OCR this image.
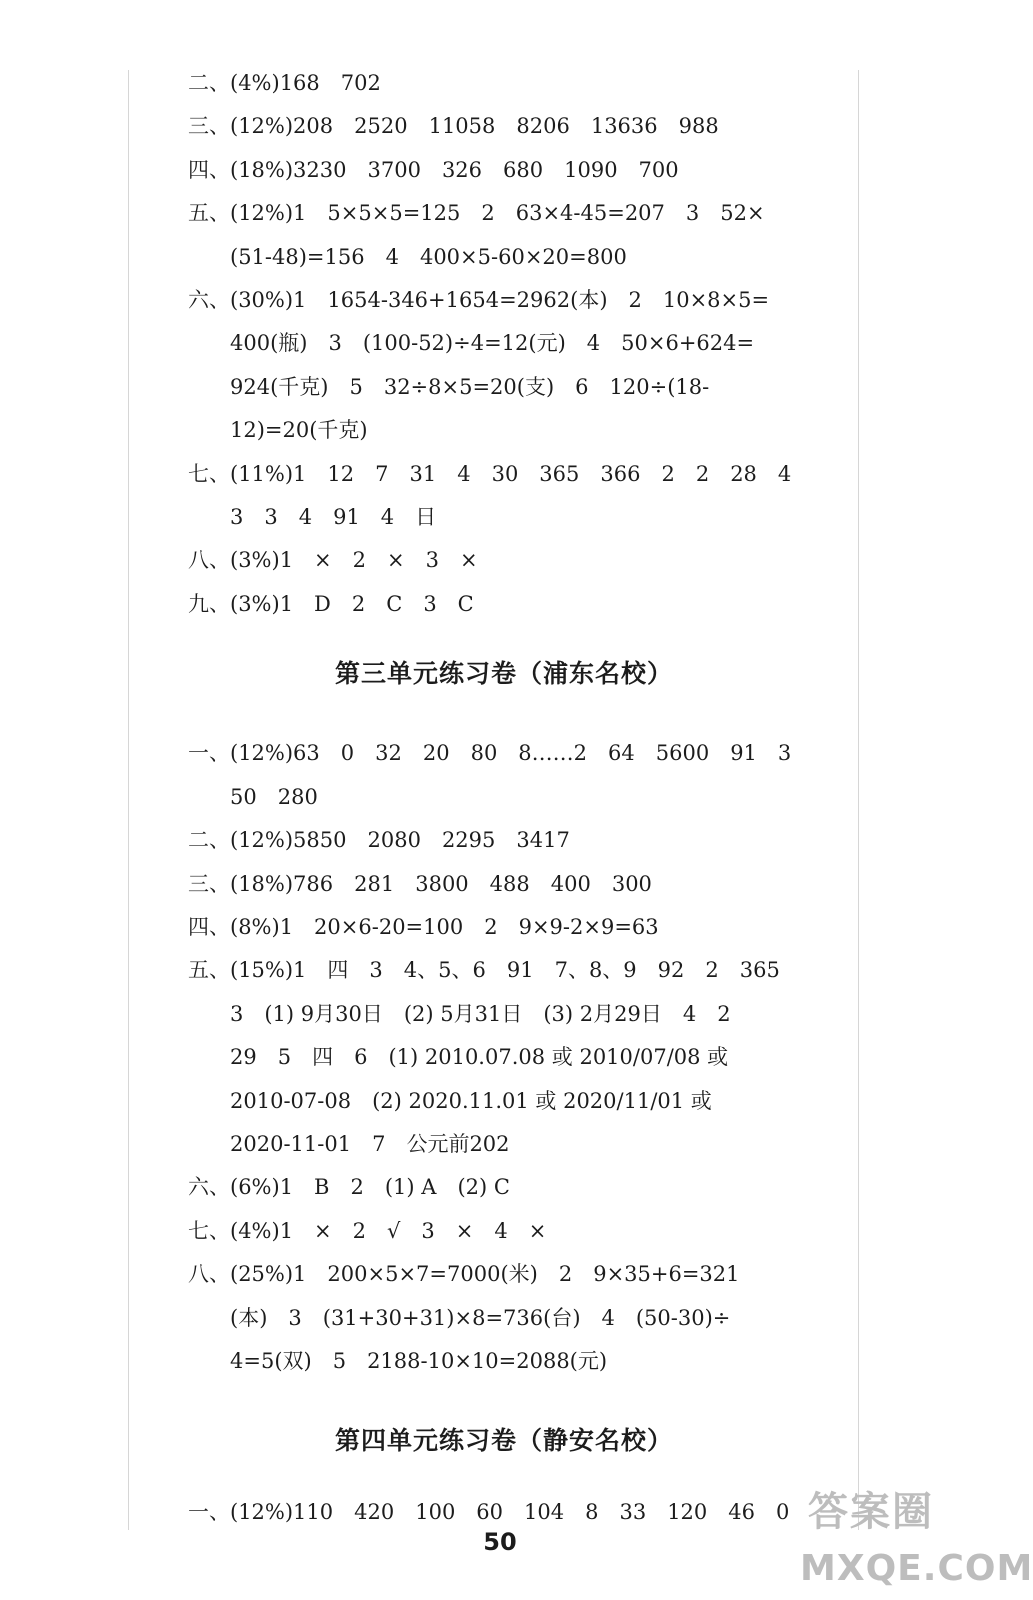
二、(4%)168　702
三、(12%)208　2520　11058　8206　13636　988
四、(18%)3230　3700　326　680　1090　700
五、(12%)1　5×5×5=125　2　63×4-45=207　3　52×
(51-48)=156　4　400×5-60×20=800
六、(30%)1　1654-346+1654=2962(本)　2　10×8×5=
400(瓶)　3　(100-52)÷4=12(元)　4　50×6+624=
924(千克)　5　32÷8×5=20(支)　6　120÷(18-
12)=20(千克)
七、(11%)1　12　7　31　4　30　365　366　2　2　28　4
3　3　4　91　4　日
八、(3%)1　×　2　×　3　×
九、(3%)1　D　2　C　3　C
第三单元练习卷（浦东名校）
一、(12%)63　0　32　20　80　8……2　64　5600　91　3
50　280
二、(12%)5850　2080　2295　3417
三、(18%)786　281　3800　488　400　300
四、(8%)1　20×6-20=100　2　9×9-2×9=63
五、(15%)1　四　3　4、5、6　91　7、8、9　92　2　365
3　(1) 9月30日　(2) 5月31日　(3) 2月29日　4　2
29　5　四　6　(1) 2010.07.08 或 2010/07/08 或
2010-07-08　(2) 2020.11.01 或 2020/11/01 或
2020-11-01　7　公元前202
六、(6%)1　B　2　(1) A　(2) C
七、(4%)1　×　2　√　3　×　4　×
八、(25%)1　200×5×7=7000(米)　2　9×35+6=321
(本)　3　(31+30+31)×8=736(台)　4　(50-30)÷
4=5(双)　5　2188-10×10=2088(元)
第四单元练习卷（静安名校）
一、(12%)110　420　100　60　104　8　33　120　46　0
50
答案圈
MXQE.COM
